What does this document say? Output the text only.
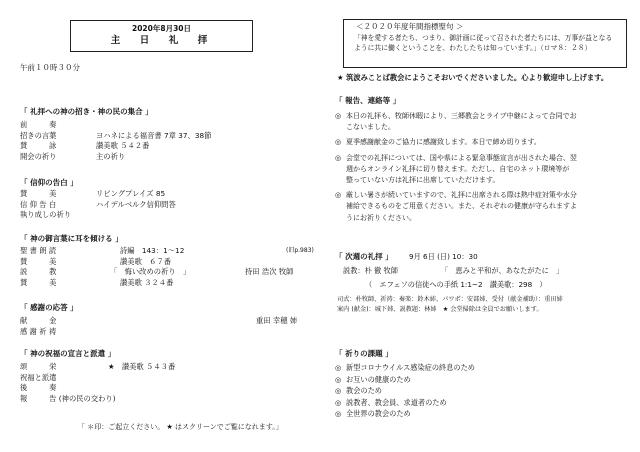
2020年8月30日
主　日　礼　拝
午前１０時３０分
「 礼拝への神の招き・神の民の集合 」
前　　　奏
招きの言葉	ヨハネによる福音書 7章 37、38節
賛　　　詠	讃美歌 ５４２番
開会の祈り	主の祈り
「 信仰の告白 」
賛　　　美	リビングプレイズ 85
信 仰 告 白	ハイデルベルク信仰問答
執り成しの祈り
「 神の御言葉に耳を傾ける 」
聖 書 朗 読	詩編　143：1〜12	(旧p.983)
賛　　　美	讃美歌　６７番
説　　　教	「　悔い改めの祈り　」	持田 浩次 牧師
賛　　　美	讃美歌 ３２４番
「 感謝の応答 」
献　　　金	重田 幸穂 姉
感 謝 祈 祷
「 神の祝福の宣言と派遣 」
頌　　　栄	★　讃美歌 ５４３番
祝福と派遣
後　　　奏
報　　　告 (神の民の交わり)
「 ＊印：ご起立ください。 ★ はスクリーンでご覧になれます。」
＜２０２０年度年間指標聖句 ＞
「神を愛する者たち、つまり、御計画に従って召された者たちには、万事が益となる
ように共に働くということを、わたしたちは知っています。」（ロマ８：２８）
★ 筑波みことば教会にようこそおいでくださいました。心より歓迎申し上げます。
「 報告、連絡等 」
◎ 本日の礼拝も、牧師休暇により、三郷教会とライブ中継によって合同でお
こないました。
◎ 夏季感謝献金のご協力に感謝致します。本日で締め切ります。
◎ 会堂での礼拝については、国や県による緊急事態宣言が出された場合、翌
週からオンライン礼拝に切り替えます。ただし、自宅のネット環境等が
整っていない方は礼拝に出席していただけます。
◎ 厳しい暑さが続いていますので、礼拝に出席される際は熱中症対策や水分
補給できるものをご用意ください。また、それぞれの健康が守られますよ
うにお祈りください。
「 次週の礼拝 」 9月 6日 (日) 10：30
説教：朴 徹 牧師	「　恵みと平和が、あなたがたに　」
（　エフェソの信徒への手紙 1:1~2　讃美歌：298　）
司式：朴牧師、祈祷：奏楽：鈴木姉、パワポ：安部姉、受付（献金補助）：重田姉
案内 (献金)：城下姉、説教題：林姉　★ 会堂掃除は全員でお願いします。
「 祈りの課題 」
◎ 新型コロナウイルス感染症の終息のため
◎ お互いの健康のため
◎ 教会のため
◎ 説教者、教会員、求道者のため
◎ 全世界の教会のため
